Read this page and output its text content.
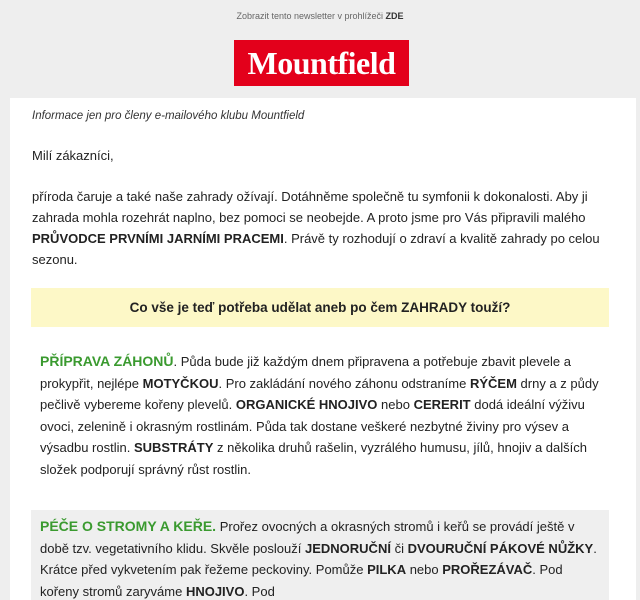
Zobrazit tento newsletter v prohlížeči ZDE
Mountfield
Informace jen pro členy e-mailového klubu Mountfield
Milí zákazníci,
příroda čaruje a také naše zahrady ožívají. Dotáhněme společně tu symfonii k dokonalosti. Aby ji zahrada mohla rozehrát naplno, bez pomoci se neobejde. A proto jsme pro Vás připravili malého PRŮVODCE PRVNÍMI JARNÍMI PRACEMI. Právě ty rozhodují o zdraví a kvalitě zahrady po celou sezonu.
Co vše je teď potřeba udělat aneb po čem ZAHRADY touží?
PŘÍPRAVA ZÁHONŮ. Půda bude již každým dnem připravena a potřebuje zbavit plevele a prokypřit, nejlépe MOTYČKOU. Pro zakládání nového záhonu odstraníme RÝČEM drny a z půdy pečlivě vybereme kořeny plevelů. ORGANICKÉ HNOJIVO nebo CERERIT dodá ideální výživu ovoci, zelenině i okrasným rostlinám. Půda tak dostane veškeré nezbytné živiny pro výsev a výsadbu rostlin. SUBSTRÁTY z několika druhů rašelin, vyzrálého humusu, jílů, hnojiv a dalších složek podporují správný růst rostlin.
PÉČE O STROMY A KEŘE. Prořez ovocných a okrasných stromů i keřů se provádí ještě v době tzv. vegetativního klidu. Skvěle poslouží JEDNORUČNÍ či DVOURUČNÍ PÁKOVÉ NŮŽKY. Krátce před vykvetením pak řežeme peckoviny. Pomůže PILKA nebo PROŘEZÁVAČ. Pod kořeny stromů zaryváme HNOJIVO. Pod
